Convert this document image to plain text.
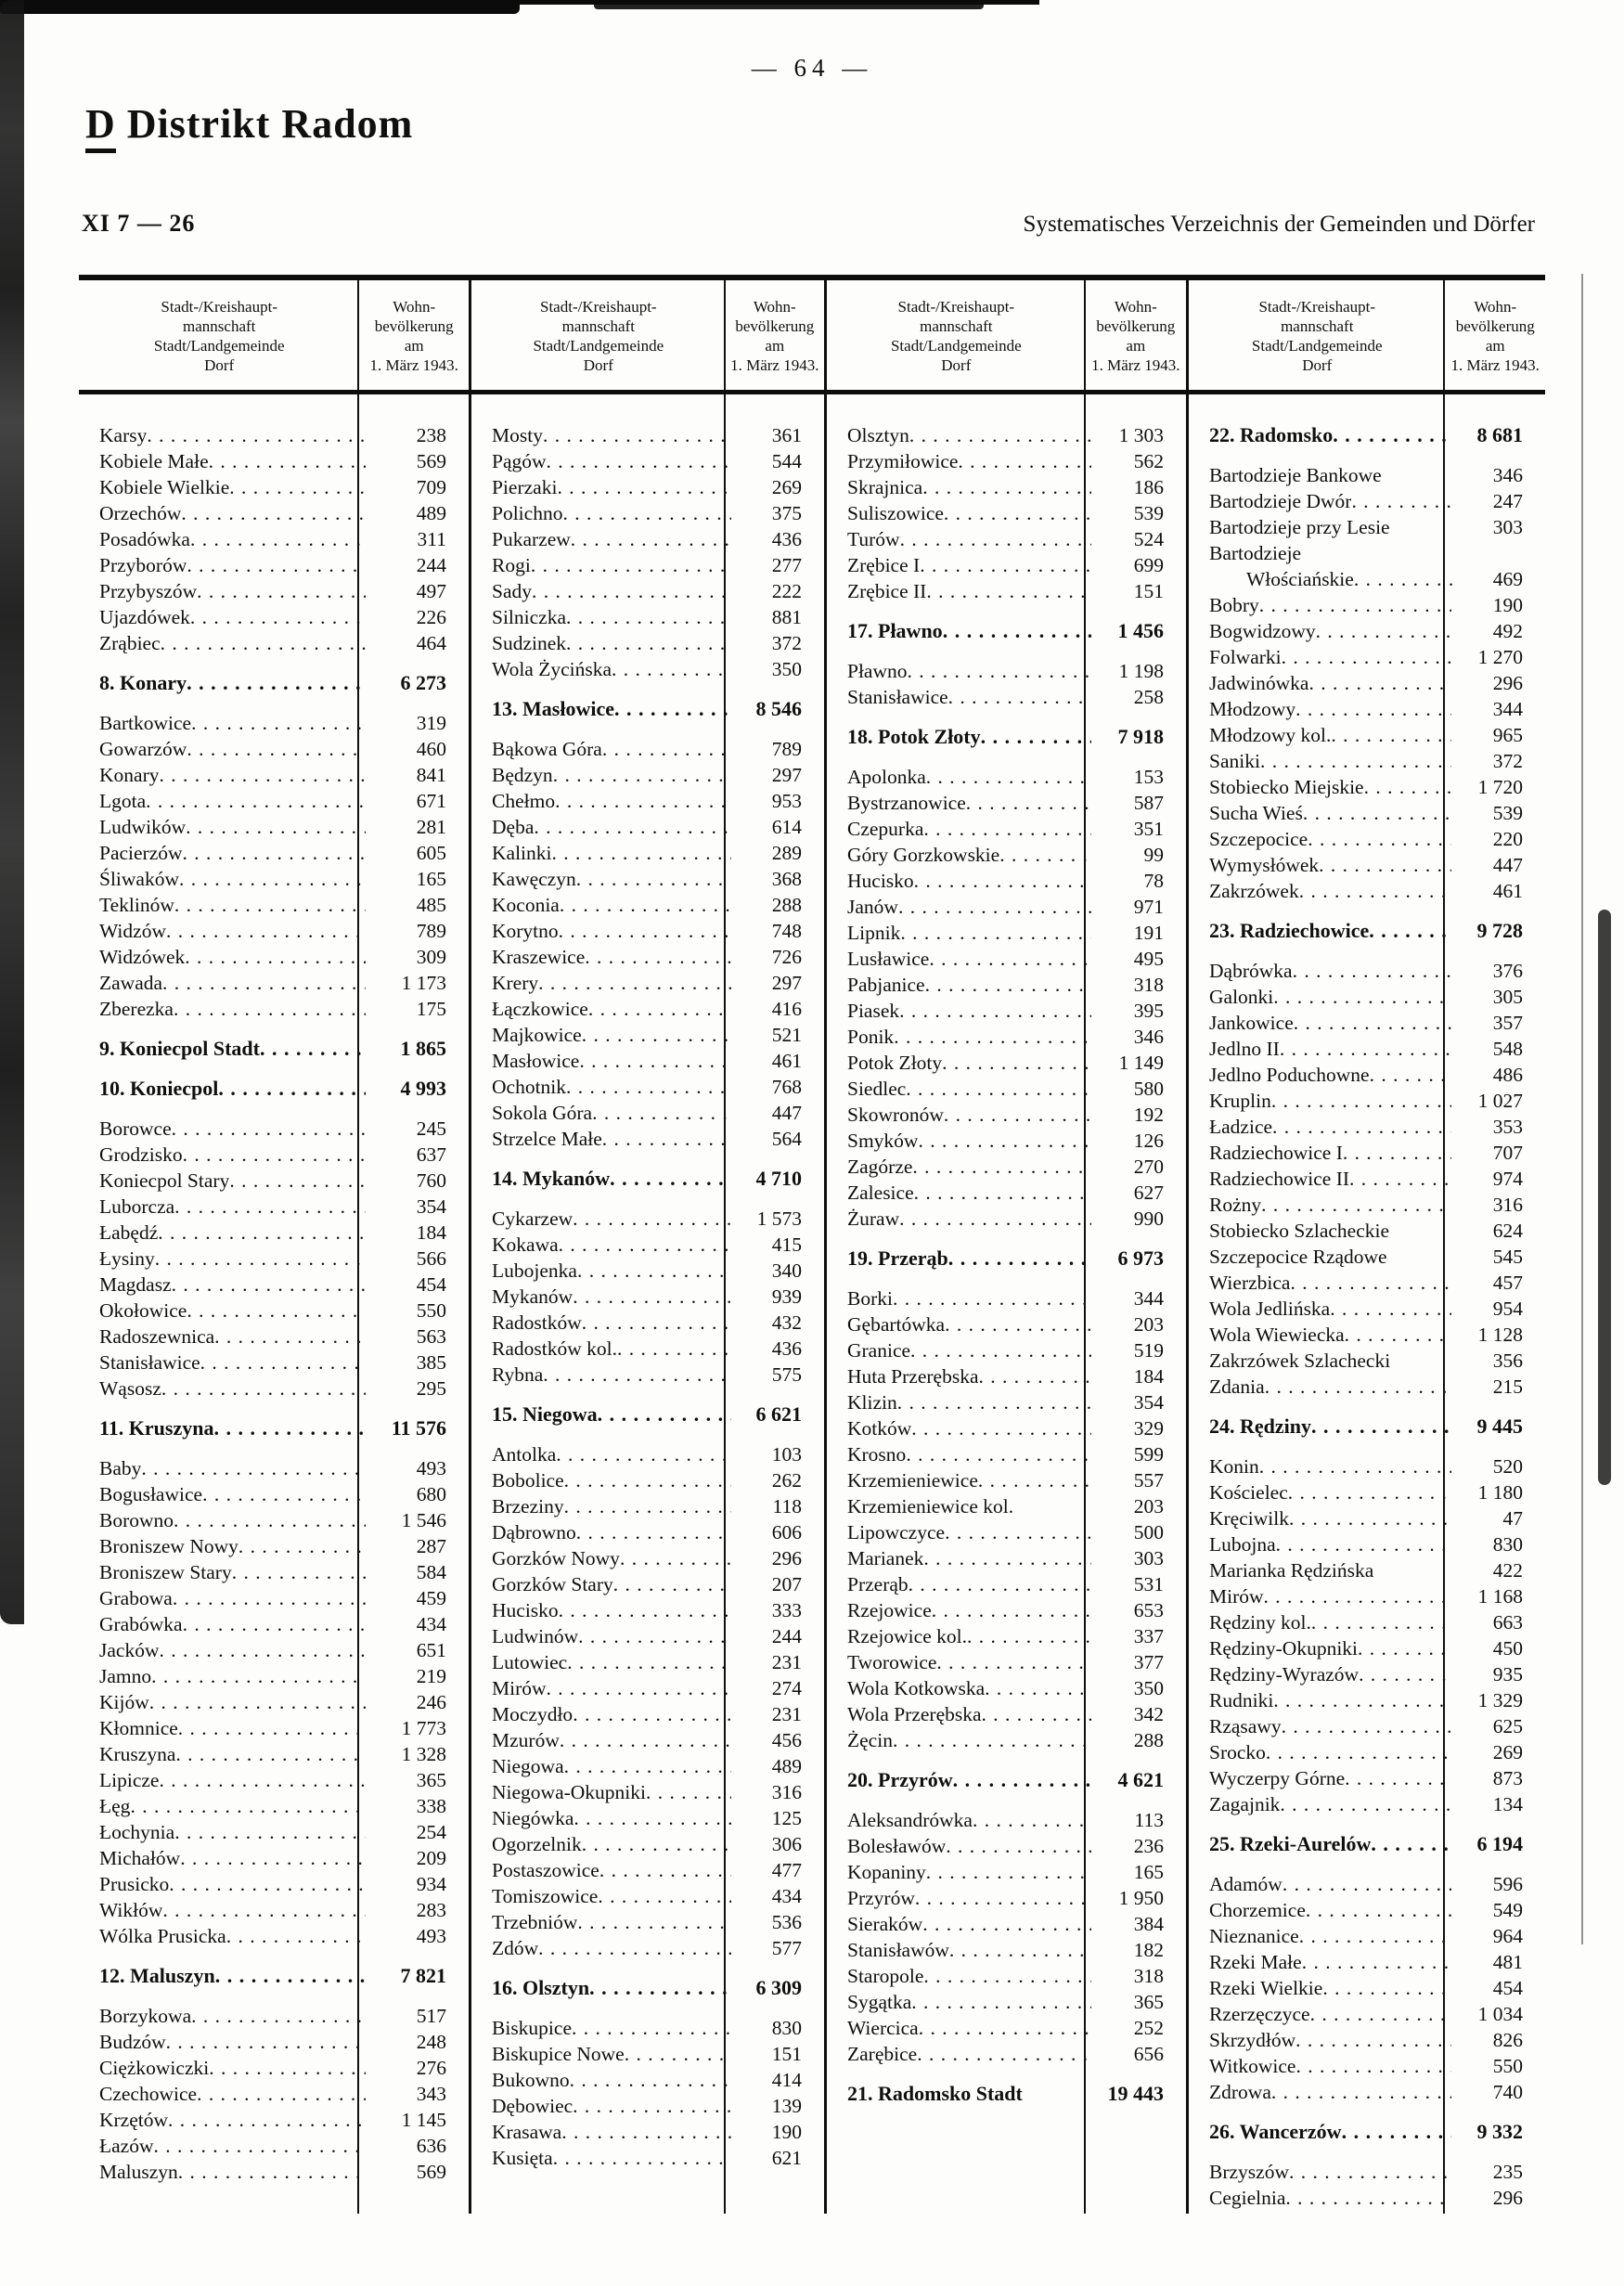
— 64 —
D Distrikt Radom
XI 7 — 26	Systematisches Verzeichnis der Gemeinden und Dörfer
Stadt-/Kreishaupt-
mannschaft
Stadt/Landgemeinde
Dorf
Wohn-
bevölkerung
am
1. März 1943.
Stadt-/Kreishaupt-
mannschaft
Stadt/Landgemeinde
Dorf
Wohn-
bevölkerung
am
1. März 1943.
Stadt-/Kreishaupt-
mannschaft
Stadt/Landgemeinde
Dorf
Wohn-
bevölkerung
am
1. März 1943.
Stadt-/Kreishaupt-
mannschaft
Stadt/Landgemeinde
Dorf
Wohn-
bevölkerung
am
1. März 1943.
Karsy . . .	238
Kobiele Małe . . .	569
Kobiele Wielkie . . .	709
Orzechów . . .	489
Posadówka . . .	311
Przyborów . . .	244
Przybyszów . . .	497
Ujazdówek . . .	226
Zrąbiec . . .	464
8. Konary . . .	6 273
Bartkowice . . .	319
Gowarzów . . .	460
Konary . . .	841
Lgota . . .	671
Ludwików . . .	281
Pacierzów . . .	605
Śliwaków . . .	165
Teklinów . . .	485
Widzów . . .	789
Widzówek . . .	309
Zawada . . .	1 173
Zberezka . . .	175
9. Koniecpol Stadt . . .	1 865
10. Koniecpol . . .	4 993
Borowce . . .	245
Grodzisko . . .	637
Koniecpol Stary . . .	760
Luborcza . . .	354
Łabędź . . .	184
Łysiny . . .	566
Magdasz . . .	454
Okołowice . . .	550
Radoszewnica . . .	563
Stanisławice . . .	385
Wąsosz . . .	295
11. Kruszyna . . .	11 576
Baby . . .	493
Bogusławice . . .	680
Borowno . . .	1 546
Broniszew Nowy . . .	287
Broniszew Stary . . .	584
Grabowa . . .	459
Grabówka . . .	434
Jacków . . .	651
Jamno . . .	219
Kijów . . .	246
Kłomnice . . .	1 773
Kruszyna . . .	1 328
Lipicze . . .	365
Łęg . . .	338
Łochynia . . .	254
Michałów . . .	209
Prusicko . . .	934
Wikłów . . .	283
Wólka Prusicka . . .	493
12. Maluszyn . . .	7 821
Borzykowa . . .	517
Budzów . . .	248
Ciężkowiczki . . .	276
Czechowice . . .	343
Krzętów . . .	1 145
Łazów . . .	636
Maluszyn . . .	569
Mosty . . .	361
Pągów . . .	544
Pierzaki . . .	269
Polichno . . .	375
Pukarzew . . .	436
Rogi . . .	277
Sady . . .	222
Silniczka . . .	881
Sudzinek . . .	372
Wola Życińska . . .	350
13. Masłowice . . .	8 546
Bąkowa Góra . . .	789
Będzyn . . .	297
Chełmo . . .	953
Dęba . . .	614
Kalinki . . .	289
Kawęczyn . . .	368
Koconia . . .	288
Korytno . . .	748
Kraszewice . . .	726
Krery . . .	297
Łączkowice . . .	416
Majkowice . . .	521
Masłowice . . .	461
Ochotnik . . .	768
Sokola Góra . . .	447
Strzelce Małe . . .	564
14. Mykanów . . .	4 710
Cykarzew . . .	1 573
Kokawa . . .	415
Lubojenka . . .	340
Mykanów . . .	939
Radostków . . .	432
Radostków kol. . . .	436
Rybna . . .	575
15. Niegowa . . .	6 621
Antolka . . .	103
Bobolice . . .	262
Brzeziny . . .	118
Dąbrowno . . .	606
Gorzków Nowy . . .	296
Gorzków Stary . . .	207
Hucisko . . .	333
Ludwinów . . .	244
Lutowiec . . .	231
Mirów . . .	274
Moczydło . . .	231
Mzurów . . .	456
Niegowa . . .	489
Niegowa-Okupniki . . .	316
Niegówka . . .	125
Ogorzelnik . . .	306
Postaszowice . . .	477
Tomiszowice . . .	434
Trzebniów . . .	536
Zdów . . .	577
16. Olsztyn . . .	6 309
Biskupice . . .	830
Biskupice Nowe . . .	151
Bukowno . . .	414
Dębowiec . . .	139
Krasawa . . .	190
Kusięta . . .	621
Olsztyn . . .	1 303
Przymiłowice . . .	562
Skrajnica . . .	186
Suliszowice . . .	539
Turów . . .	524
Zrębice I . . .	699
Zrębice II . . .	151
17. Pławno . . .	1 456
Pławno . . .	1 198
Stanisławice . . .	258
18. Potok Złoty . . .	7 918
Apolonka . . .	153
Bystrzanowice . . .	587
Czepurka . . .	351
Góry Gorzkowskie . . .	99
Hucisko . . .	78
Janów . . .	971
Lipnik . . .	191
Lusławice . . .	495
Pabjanice . . .	318
Piasek . . .	395
Ponik . . .	346
Potok Złoty . . .	1 149
Siedlec . . .	580
Skowronów . . .	192
Smyków . . .	126
Zagórze . . .	270
Zalesice . . .	627
Żuraw . . .	990
19. Przerąb . . .	6 973
Borki . . .	344
Gębartówka . . .	203
Granice . . .	519
Huta Przerębska . . .	184
Klizin . . .	354
Kotków . . .	329
Krosno . . .	599
Krzemieniewice . . .	557
Krzemieniewice kol.	203
Lipowczyce . . .	500
Marianek . . .	303
Przerąb . . .	531
Rzejowice . . .	653
Rzejowice kol. . . .	337
Tworowice . . .	377
Wola Kotkowska . . .	350
Wola Przerębska . . .	342
Żęcin . . .	288
20. Przyrów . . .	4 621
Aleksandrówka . . .	113
Bolesławów . . .	236
Kopaniny . . .	165
Przyrów . . .	1 950
Sieraków . . .	384
Stanisławów . . .	182
Staropole . . .	318
Sygątka . . .	365
Wiercica . . .	252
Zarębice . . .	656
21. Radomsko Stadt	19 443
22. Radomsko . . .	8 681
Bartodzieje Bankowe	346
Bartodzieje Dwór . . .	247
Bartodzieje przy Lesie	303
Bartodzieje
Włościańskie . . .	469
Bobry . . .	190
Bogwidzowy . . .	492
Folwarki . . .	1 270
Jadwinówka . . .	296
Młodzowy . . .	344
Młodzowy kol. . . .	965
Saniki . . .	372
Stobiecko Miejskie . . .	1 720
Sucha Wieś . . .	539
Szczepocice . . .	220
Wymysłówek . . .	447
Zakrzówek . . .	461
23. Radziechowice . . .	9 728
Dąbrówka . . .	376
Galonki . . .	305
Jankowice . . .	357
Jedlno II . . .	548
Jedlno Poduchowne . . .	486
Kruplin . . .	1 027
Ładzice . . .	353
Radziechowice I . . .	707
Radziechowice II . . .	974
Rożny . . .	316
Stobiecko Szlacheckie	624
Szczepocice Rządowe	545
Wierzbica . . .	457
Wola Jedlińska . . .	954
Wola Wiewiecka . . .	1 128
Zakrzówek Szlachecki	356
Zdania . . .	215
24. Rędziny . . .	9 445
Konin . . .	520
Kościelec . . .	1 180
Kręciwilk . . .	47
Lubojna . . .	830
Marianka Rędzińska	422
Mirów . . .	1 168
Rędziny kol. . . .	663
Rędziny-Okupniki . . .	450
Rędziny-Wyrazów . . .	935
Rudniki . . .	1 329
Rząsawy . . .	625
Srocko . . .	269
Wyczerpy Górne . . .	873
Zagajnik . . .	134
25. Rzeki-Aurelów . . .	6 194
Adamów . . .	596
Chorzemice . . .	549
Nieznanice . . .	964
Rzeki Małe . . .	481
Rzeki Wielkie . . .	454
Rzerzęczyce . . .	1 034
Skrzydłów . . .	826
Witkowice . . .	550
Zdrowa . . .	740
26. Wancerzów . . .	9 332
Brzyszów . . .	235
Cegielnia . . .	296
